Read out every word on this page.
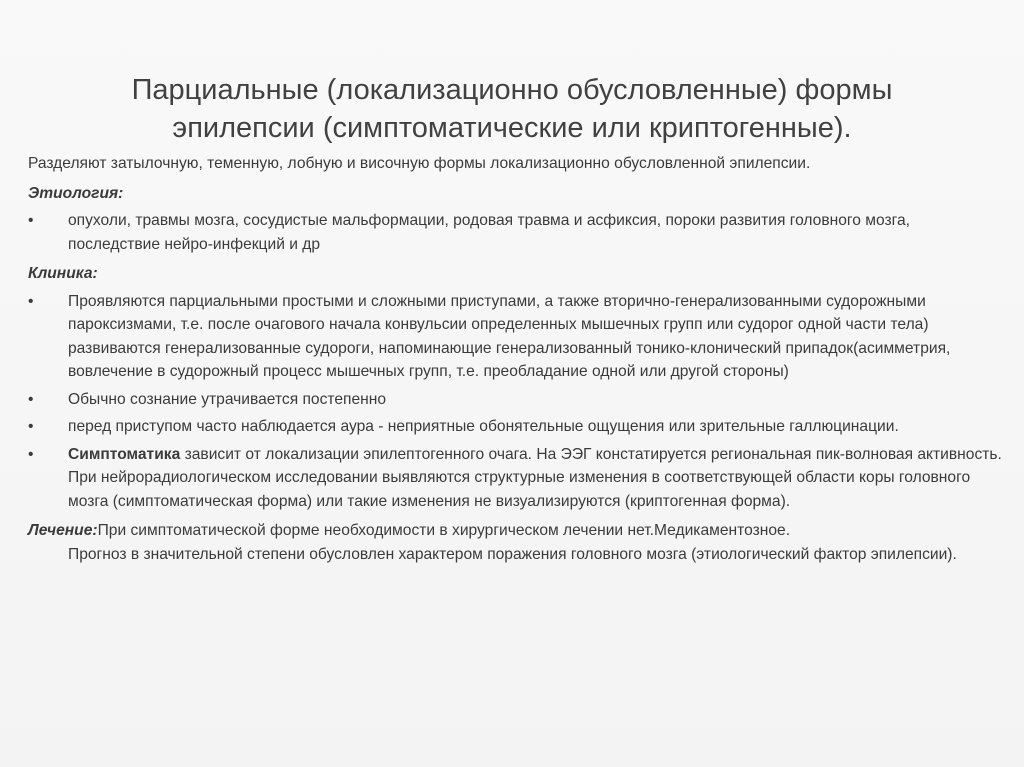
Парциальные (локализационно обусловленные) формы
эпилепсии (симптоматические или криптогенные).

Разделяют затылочную, теменную, лобную и височную формы локализационно обусловленной эпилепсии.

Этиология:
•	опухоли, травмы мозга, сосудистые мальформации, родовая травма и асфиксия, пороки развития головного мозга, последствие нейро-инфекций и др
Клиника:
•	Проявляются парциальными простыми и сложными приступами, а также вторично-генерализованными судорожными пароксизмами, т.е. после очагового начала конвульсии определенных мышечных групп или судорог одной части тела) развиваются генерализованные судороги, напоминающие генерализованный тонико-клонический припадок(асимметрия, вовлечение в судорожный процесс мышечных групп, т.е. преобладание одной или другой стороны)
•	Обычно сознание утрачивается постепенно
•	перед приступом часто наблюдается аура - неприятные обонятельные ощущения или зрительные галлюцинации.
•	Симптоматика зависит от локализации эпилептогенного очага. На ЭЭГ констатируется региональная пик-волновая активность. При нейрорадиологическом исследовании выявляются структурные изменения в соответствующей области коры головного мозга (симптоматическая форма) или такие изменения не визуализируются (криптогенная форма).
Лечение:При симптоматической форме необходимости в хирургическом лечении нет.Медикаментозное.
Прогноз в значительной степени обусловлен характером поражения головного мозга (этиологический фактор эпилепсии).
